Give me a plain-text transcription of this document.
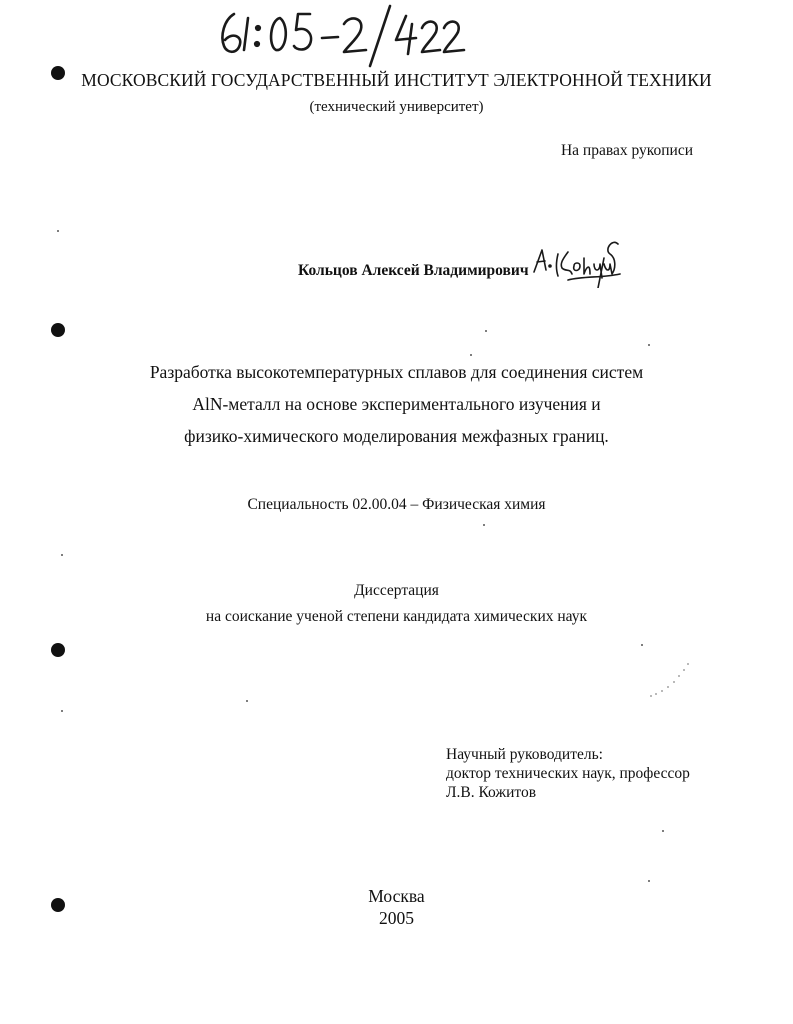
МОСКОВСКИЙ ГОСУДАРСТВЕННЫЙ ИНСТИТУТ ЭЛЕКТРОННОЙ ТЕХНИКИ
(технический университет)
На правах рукописи
Кольцов Алексей Владимирович
Разработка высокотемпературных сплавов для соединения систем
AlN-металл на основе экспериментального изучения и
физико-химического моделирования межфазных границ.
Специальность 02.00.04 – Физическая химия
Диссертация
на соискание ученой степени кандидата химических наук
Научный руководитель:
доктор технических наук, профессор
Л.В. Кожитов
Москва
2005
